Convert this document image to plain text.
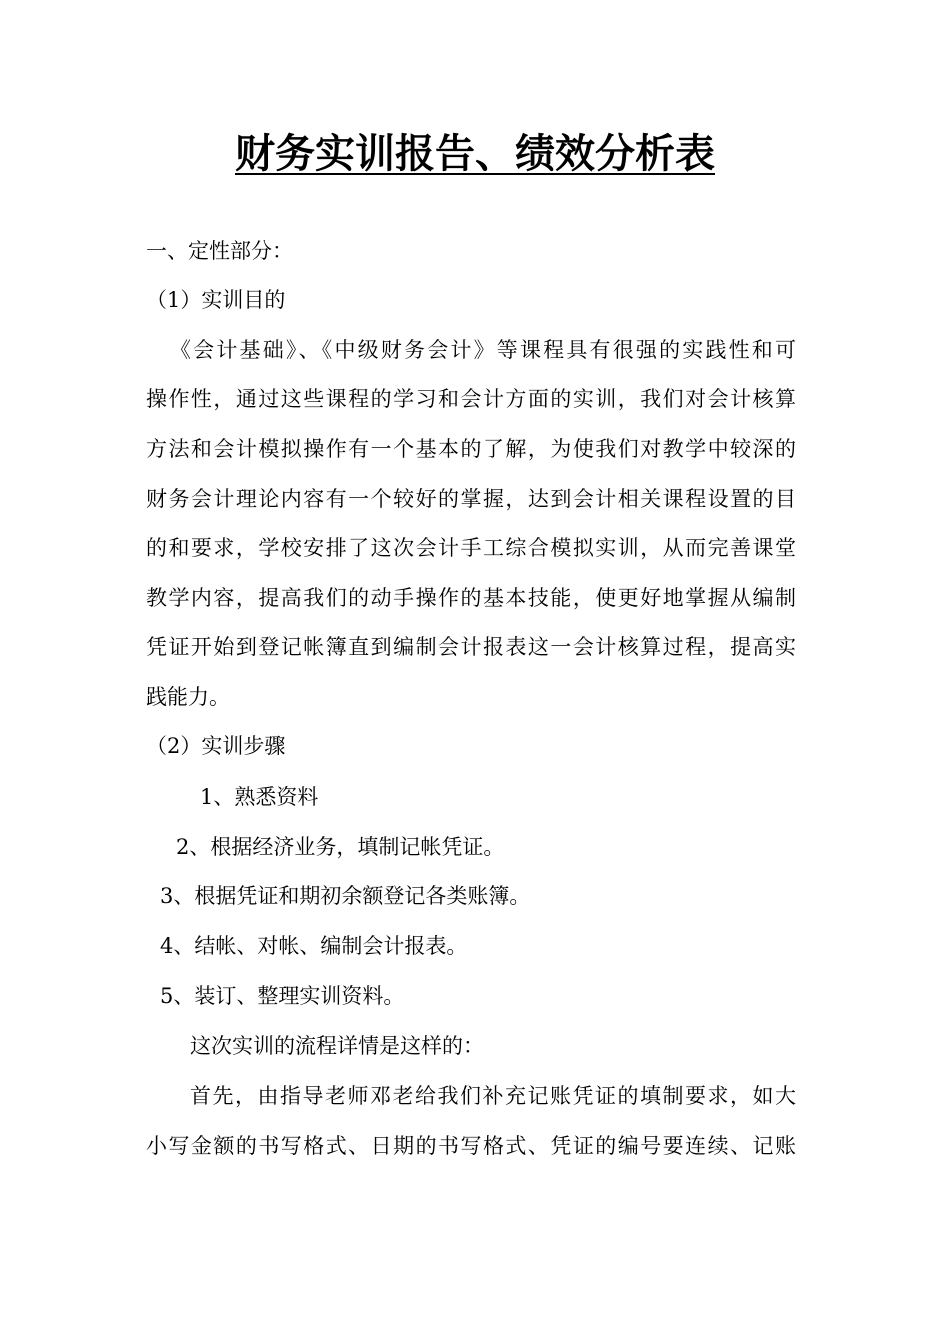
财务实训报告、绩效分析表
一、定性部分：
（1）实训目的
《会计基础》、《中级财务会计》等课程具有很强的实践性和可
操作性，通过这些课程的学习和会计方面的实训，我们对会计核算
方法和会计模拟操作有一个基本的了解，为使我们对教学中较深的
财务会计理论内容有一个较好的掌握，达到会计相关课程设置的目
的和要求，学校安排了这次会计手工综合模拟实训，从而完善课堂
教学内容，提高我们的动手操作的基本技能，使更好地掌握从编制
凭证开始到登记帐簿直到编制会计报表这一会计核算过程，提高实
践能力。
（2）实训步骤
1、熟悉资料
2、根据经济业务，填制记帐凭证。
3、根据凭证和期初余额登记各类账簿。
4、结帐、对帐、编制会计报表。
5、装订、整理实训资料。
这次实训的流程详情是这样的：
首先，由指导老师邓老给我们补充记账凭证的填制要求，如大
小写金额的书写格式、日期的书写格式、凭证的编号要连续、记账
